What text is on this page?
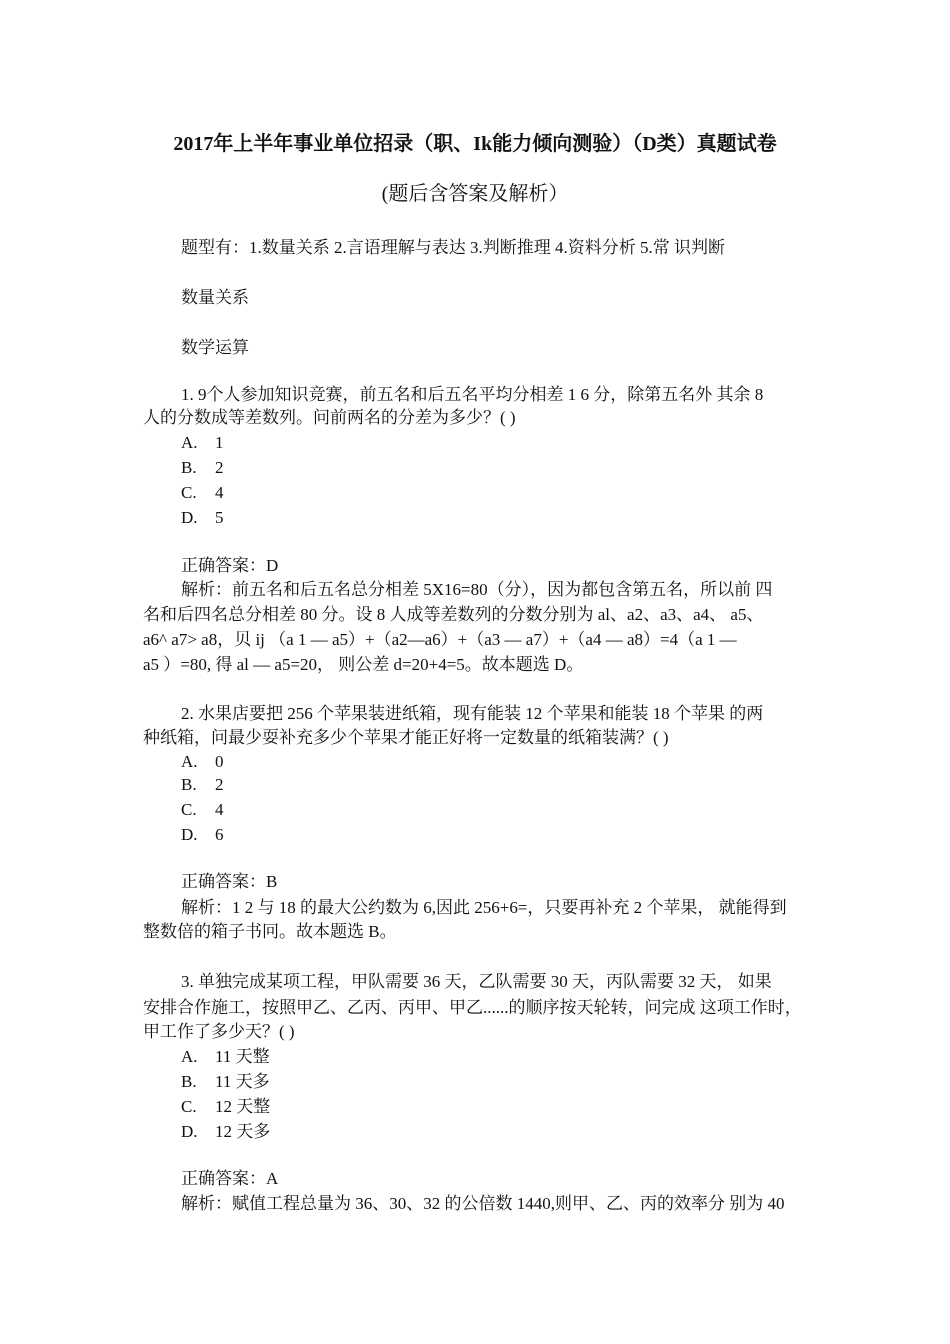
2017年上半年事业单位招录（职、Ik能力倾向测验）（D类）真题试卷
(题后含答案及解析）
题型有：1.数量关系 2.言语理解与表达 3.判断推理 4.资料分析 5.常 识判断
数量关系
数学运算
1. 9个人参加知识竞赛，前五名和后五名平均分相差 1 6 分，除第五名外 其余 8
人的分数成等差数列。问前两名的分差为多少？( )
A. 1
B. 2
C. 4
D. 5
正确答案：D
解析：前五名和后五名总分相差 5X16=80（分），因为都包含第五名，所以前 四
名和后四名总分相差 80 分。设 8 人成等差数列的分数分别为 al、a2、a3、a4、 a5、
a6^ a7> a8，贝 ij （a 1 — a5）+（a2—a6）+（a3 — a7）+（a4 — a8）=4（a 1 —
a5 ）=80, 得 al — a5=20， 则公差 d=20+4=5。故本题选 D。
2. 水果店要把 256 个苹果装进纸箱，现有能装 12 个苹果和能装 18 个苹果 的两
种纸箱，问最少耍补充多少个苹果才能正好将一定数量的纸箱装满？( )
A. 0
B. 2
C. 4
D. 6
正确答案：B
解析：1 2 与 18 的最大公约数为 6,因此 256+6=，只要再补充 2 个苹果， 就能得到
整数倍的箱子书冋。故本题选 B。
3. 单独完成某项工程，甲队需要 36 天，乙队需要 30 天，丙队需要 32 天， 如果
安排合作施工，按照甲乙、乙丙、丙甲、甲乙......的顺序按天轮转，问完成 这项工作时，
甲工作了多少天？( )
A. 11 天整
B. 11 天多
C. 12 天整
D. 12 天多
正确答案：A
解析：赋值工程总量为 36、30、32 的公倍数 1440,则甲、乙、丙的效率分 别为 40
